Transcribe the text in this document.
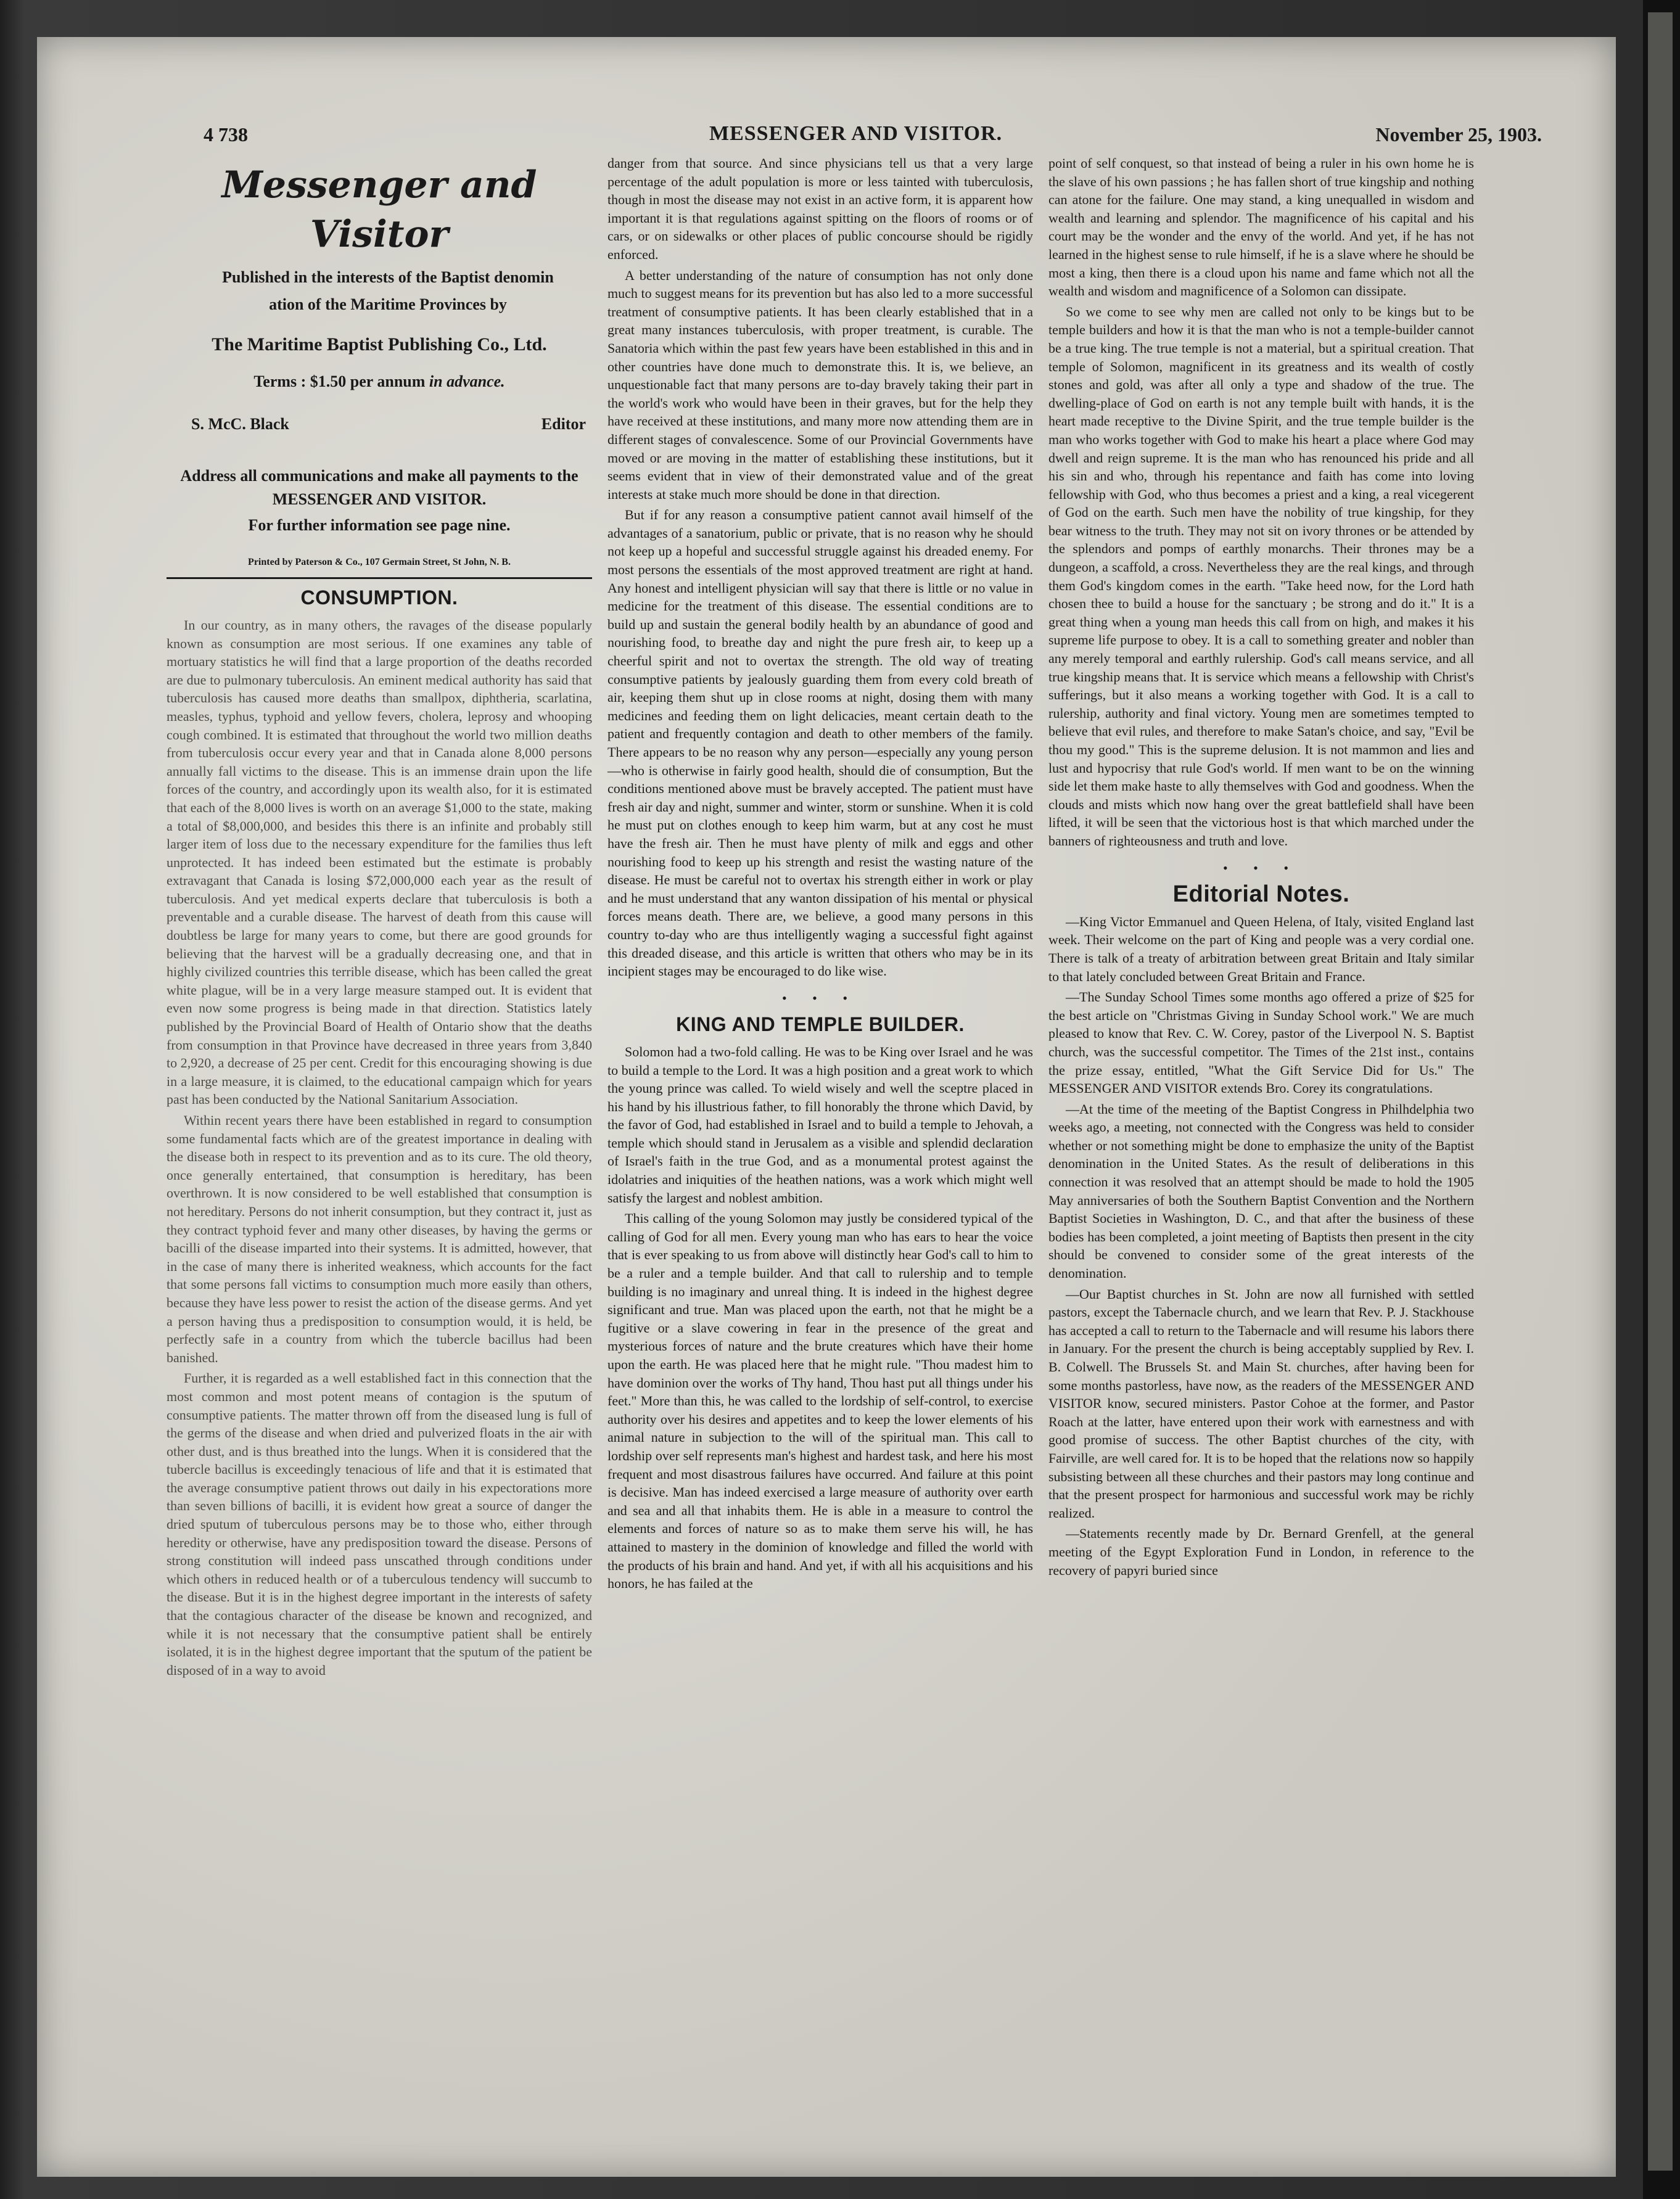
4 738	MESSENGER AND VISITOR.	November 25, 1903.
Messenger and Visitor

Published in the interests of the Baptist denomin

ation of the Maritime Provinces by

The Maritime Baptist Publishing Co., Ltd.
Terms : $1.50 per annum in advance.
S. McC. Black	Editor
Address all communications and make all payments to the MESSENGER AND VISITOR.
For further information see page nine.
Printed by Paterson & Co., 107 Germain Street, St John, N. B.
CONSUMPTION.

In our country, as in many others, the ravages of the disease popularly known as consumption are most serious. If one examines any table of mortuary statistics he will find that a large proportion of the deaths recorded are due to pulmonary tuberculosis. An eminent medical authority has said that tuberculosis has caused more deaths than smallpox, diphtheria, scarlatina, measles, typhus, typhoid and yellow fevers, cholera, leprosy and whooping cough combined. It is estimated that throughout the world two million deaths from tuberculosis occur every year and that in Canada alone 8,000 persons annually fall victims to the disease. This is an immense drain upon the life forces of the country, and accordingly upon its wealth also, for it is estimated that each of the 8,000 lives is worth on an average $1,000 to the state, making a total of $8,000,000, and besides this there is an infinite and probably still larger item of loss due to the necessary expenditure for the families thus left unprotected. It has indeed been estimated but the estimate is probably extravagant that Canada is losing $72,000,000 each year as the result of tuberculosis. And yet medical experts declare that tuberculosis is both a preventable and a curable disease. The harvest of death from this cause will doubtless be large for many years to come, but there are good grounds for believing that the harvest will be a gradually decreasing one, and that in highly civilized countries this terrible disease, which has been called the great white plague, will be in a very large measure stamped out. It is evident that even now some progress is being made in that direction. Statistics lately published by the Provincial Board of Health of Ontario show that the deaths from consumption in that Province have decreased in three years from 3,840 to 2,920, a decrease of 25 per cent. Credit for this encouraging showing is due in a large measure, it is claimed, to the educational campaign which for years past has been conducted by the National Sanitarium Association.

Within recent years there have been established in regard to consumption some fundamental facts which are of the greatest importance in dealing with the disease both in respect to its prevention and as to its cure. The old theory, once generally entertained, that consumption is hereditary, has been overthrown. It is now considered to be well established that consumption is not hereditary. Persons do not inherit consumption, but they contract it, just as they contract typhoid fever and many other diseases, by having the germs or bacilli of the disease imparted into their systems. It is admitted, however, that in the case of many there is inherited weakness, which accounts for the fact that some persons fall victims to consumption much more easily than others, because they have less power to resist the action of the disease germs. And yet a person having thus a predisposition to consumption would, it is held, be perfectly safe in a country from which the tubercle bacillus had been banished.

Further, it is regarded as a well established fact in this connection that the most common and most potent means of contagion is the sputum of consumptive patients. The matter thrown off from the diseased lung is full of the germs of the disease and when dried and pulverized floats in the air with other dust, and is thus breathed into the lungs. When it is considered that the tubercle bacillus is exceedingly tenacious of life and that it is estimated that the average consumptive patient throws out daily in his expectorations more than seven billions of bacilli, it is evident how great a source of danger the dried sputum of tuberculous persons may be to those who, either through heredity or otherwise, have any predisposition toward the disease. Persons of strong constitution will indeed pass unscathed through conditions under which others in reduced health or of a tuberculous tendency will succumb to the disease. But it is in the highest degree important in the interests of safety that the contagious character of the disease be known and recognized, and while it is not necessary that the consumptive patient shall be entirely isolated, it is in the highest degree important that the sputum of the patient be disposed of in a way to avoid

danger from that source. And since physicians tell us that a very large percentage of the adult population is more or less tainted with tuberculosis, though in most the disease may not exist in an active form, it is apparent how important it is that regulations against spitting on the floors of rooms or of cars, or on sidewalks or other places of public concourse should be rigidly enforced.

A better understanding of the nature of consumption has not only done much to suggest means for its prevention but has also led to a more successful treatment of consumptive patients. It has been clearly established that in a great many instances tuberculosis, with proper treatment, is curable. The Sanatoria which within the past few years have been established in this and in other countries have done much to demonstrate this. It is, we believe, an unquestionable fact that many persons are to-day bravely taking their part in the world's work who would have been in their graves, but for the help they have received at these institutions, and many more now attending them are in different stages of convalescence. Some of our Provincial Governments have moved or are moving in the matter of establishing these institutions, but it seems evident that in view of their demonstrated value and of the great interests at stake much more should be done in that direction.

But if for any reason a consumptive patient cannot avail himself of the advantages of a sanatorium, public or private, that is no reason why he should not keep up a hopeful and successful struggle against his dreaded enemy. For most persons the essentials of the most approved treatment are right at hand. Any honest and intelligent physician will say that there is little or no value in medicine for the treatment of this disease. The essential conditions are to build up and sustain the general bodily health by an abundance of good and nourishing food, to breathe day and night the pure fresh air, to keep up a cheerful spirit and not to overtax the strength. The old way of treating consumptive patients by jealously guarding them from every cold breath of air, keeping them shut up in close rooms at night, dosing them with many medicines and feeding them on light delicacies, meant certain death to the patient and frequently contagion and death to other members of the family. There appears to be no reason why any person—especially any young person—who is otherwise in fairly good health, should die of consumption, But the conditions mentioned above must be bravely accepted. The patient must have fresh air day and night, summer and winter, storm or sunshine. When it is cold he must put on clothes enough to keep him warm, but at any cost he must have the fresh air. Then he must have plenty of milk and eggs and other nourishing food to keep up his strength and resist the wasting nature of the disease. He must be careful not to overtax his strength either in work or play and he must understand that any wanton dissipation of his mental or physical forces means death. There are, we believe, a good many persons in this country to-day who are thus intelligently waging a successful fight against this dreaded disease, and this article is written that others who may be in its incipient stages may be encouraged to do like wise.

• • •
KING AND TEMPLE BUILDER.

Solomon had a two-fold calling. He was to be King over Israel and he was to build a temple to the Lord. It was a high position and a great work to which the young prince was called. To wield wisely and well the sceptre placed in his hand by his illustrious father, to fill honorably the throne which David, by the favor of God, had established in Israel and to build a temple to Jehovah, a temple which should stand in Jerusalem as a visible and splendid declaration of Israel's faith in the true God, and as a monumental protest against the idolatries and iniquities of the heathen nations, was a work which might well satisfy the largest and noblest ambition.

This calling of the young Solomon may justly be considered typical of the calling of God for all men. Every young man who has ears to hear the voice that is ever speaking to us from above will distinctly hear God's call to him to be a ruler and a temple builder. And that call to rulership and to temple building is no imaginary and unreal thing. It is indeed in the highest degree significant and true. Man was placed upon the earth, not that he might be a fugitive or a slave cowering in fear in the presence of the great and mysterious forces of nature and the brute creatures which have their home upon the earth. He was placed here that he might rule. "Thou madest him to have dominion over the works of Thy hand, Thou hast put all things under his feet." More than this, he was called to the lordship of self-control, to exercise authority over his desires and appetites and to keep the lower elements of his animal nature in subjection to the will of the spiritual man. This call to lordship over self represents man's highest and hardest task, and here his most frequent and most disastrous failures have occurred. And failure at this point is decisive. Man has indeed exercised a large measure of authority over earth and sea and all that inhabits them. He is able in a measure to control the elements and forces of nature so as to make them serve his will, he has attained to mastery in the dominion of knowledge and filled the world with the products of his brain and hand. And yet, if with all his acquisitions and his honors, he has failed at the

point of self conquest, so that instead of being a ruler in his own home he is the slave of his own passions ; he has fallen short of true kingship and nothing can atone for the failure. One may stand, a king unequalled in wisdom and wealth and learning and splendor. The magnificence of his capital and his court may be the wonder and the envy of the world. And yet, if he has not learned in the highest sense to rule himself, if he is a slave where he should be most a king, then there is a cloud upon his name and fame which not all the wealth and wisdom and magnificence of a Solomon can dissipate.

So we come to see why men are called not only to be kings but to be temple builders and how it is that the man who is not a temple-builder cannot be a true king. The true temple is not a material, but a spiritual creation. That temple of Solomon, magnificent in its greatness and its wealth of costly stones and gold, was after all only a type and shadow of the true. The dwelling-place of God on earth is not any temple built with hands, it is the heart made receptive to the Divine Spirit, and the true temple builder is the man who works together with God to make his heart a place where God may dwell and reign supreme. It is the man who has renounced his pride and all his sin and who, through his repentance and faith has come into loving fellowship with God, who thus becomes a priest and a king, a real vicegerent of God on the earth. Such men have the nobility of true kingship, for they bear witness to the truth. They may not sit on ivory thrones or be attended by the splendors and pomps of earthly monarchs. Their thrones may be a dungeon, a scaffold, a cross. Nevertheless they are the real kings, and through them God's kingdom comes in the earth. "Take heed now, for the Lord hath chosen thee to build a house for the sanctuary ; be strong and do it." It is a great thing when a young man heeds this call from on high, and makes it his supreme life purpose to obey. It is a call to something greater and nobler than any merely temporal and earthly rulership. God's call means service, and all true kingship means that. It is service which means a fellowship with Christ's sufferings, but it also means a working together with God. It is a call to rulership, authority and final victory. Young men are sometimes tempted to believe that evil rules, and therefore to make Satan's choice, and say, "Evil be thou my good." This is the supreme delusion. It is not mammon and lies and lust and hypocrisy that rule God's world. If men want to be on the winning side let them make haste to ally themselves with God and goodness. When the clouds and mists which now hang over the great battlefield shall have been lifted, it will be seen that the victorious host is that which marched under the banners of righteousness and truth and love.

• • •
Editorial Notes.

—King Victor Emmanuel and Queen Helena, of Italy, visited England last week. Their welcome on the part of King and people was a very cordial one. There is talk of a treaty of arbitration between great Britain and Italy similar to that lately concluded between Great Britain and France.

—The Sunday School Times some months ago offered a prize of $25 for the best article on "Christmas Giving in Sunday School work." We are much pleased to know that Rev. C. W. Corey, pastor of the Liverpool N. S. Baptist church, was the successful competitor. The Times of the 21st inst., contains the prize essay, entitled, "What the Gift Service Did for Us." The MESSENGER AND VISITOR extends Bro. Corey its congratulations.

—At the time of the meeting of the Baptist Congress in Philhdelphia two weeks ago, a meeting, not connected with the Congress was held to consider whether or not something might be done to emphasize the unity of the Baptist denomination in the United States. As the result of deliberations in this connection it was resolved that an attempt should be made to hold the 1905 May anniversaries of both the Southern Baptist Convention and the Northern Baptist Societies in Washington, D. C., and that after the business of these bodies has been completed, a joint meeting of Baptists then present in the city should be convened to consider some of the great interests of the denomination.

—Our Baptist churches in St. John are now all furnished with settled pastors, except the Tabernacle church, and we learn that Rev. P. J. Stackhouse has accepted a call to return to the Tabernacle and will resume his labors there in January. For the present the church is being acceptably supplied by Rev. I. B. Colwell. The Brussels St. and Main St. churches, after having been for some months pastorless, have now, as the readers of the MESSENGER AND VISITOR know, secured ministers. Pastor Cohoe at the former, and Pastor Roach at the latter, have entered upon their work with earnestness and with good promise of success. The other Baptist churches of the city, with Fairville, are well cared for. It is to be hoped that the relations now so happily subsisting between all these churches and their pastors may long continue and that the present prospect for harmonious and successful work may be richly realized.

—Statements recently made by Dr. Bernard Grenfell, at the general meeting of the Egypt Exploration Fund in London, in reference to the recovery of papyri buried since
